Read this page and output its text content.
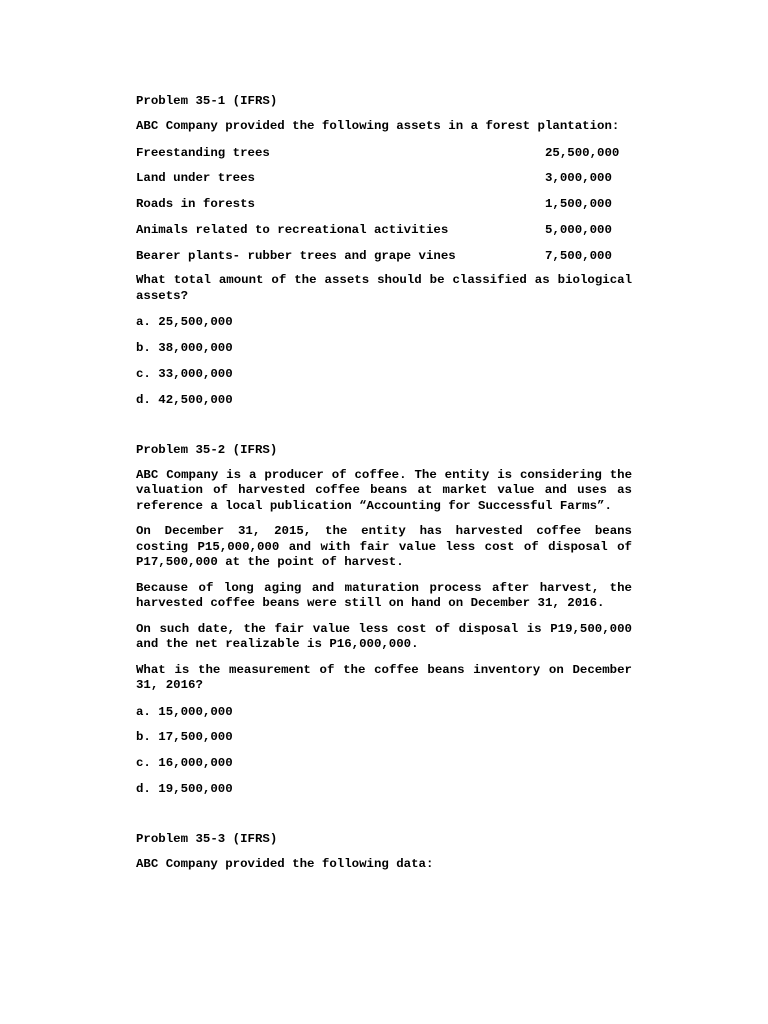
Problem 35-1 (IFRS)
ABC Company provided the following assets in a forest plantation:
Freestanding trees	25,500,000
Land under trees	3,000,000
Roads in forests	1,500,000
Animals related to recreational activities	5,000,000
Bearer plants- rubber trees and grape vines	7,500,000
What total amount of the assets should be classified as biological assets?
a. 25,500,000
b. 38,000,000
c. 33,000,000
d. 42,500,000
Problem 35-2 (IFRS)
ABC Company is a producer of coffee. The entity is considering the valuation of harvested coffee beans at market value and uses as reference a local publication “Accounting for Successful Farms”.
On December 31, 2015, the entity has harvested coffee beans costing P15,000,000 and with fair value less cost of disposal of P17,500,000 at the point of harvest.
Because of long aging and maturation process after harvest, the harvested coffee beans were still on hand on December 31, 2016.
On such date, the fair value less cost of disposal is P19,500,000 and the net realizable is P16,000,000.
What is the measurement of the coffee beans inventory on December 31, 2016?
a. 15,000,000
b. 17,500,000
c. 16,000,000
d. 19,500,000
Problem 35-3 (IFRS)
ABC Company provided the following data:
